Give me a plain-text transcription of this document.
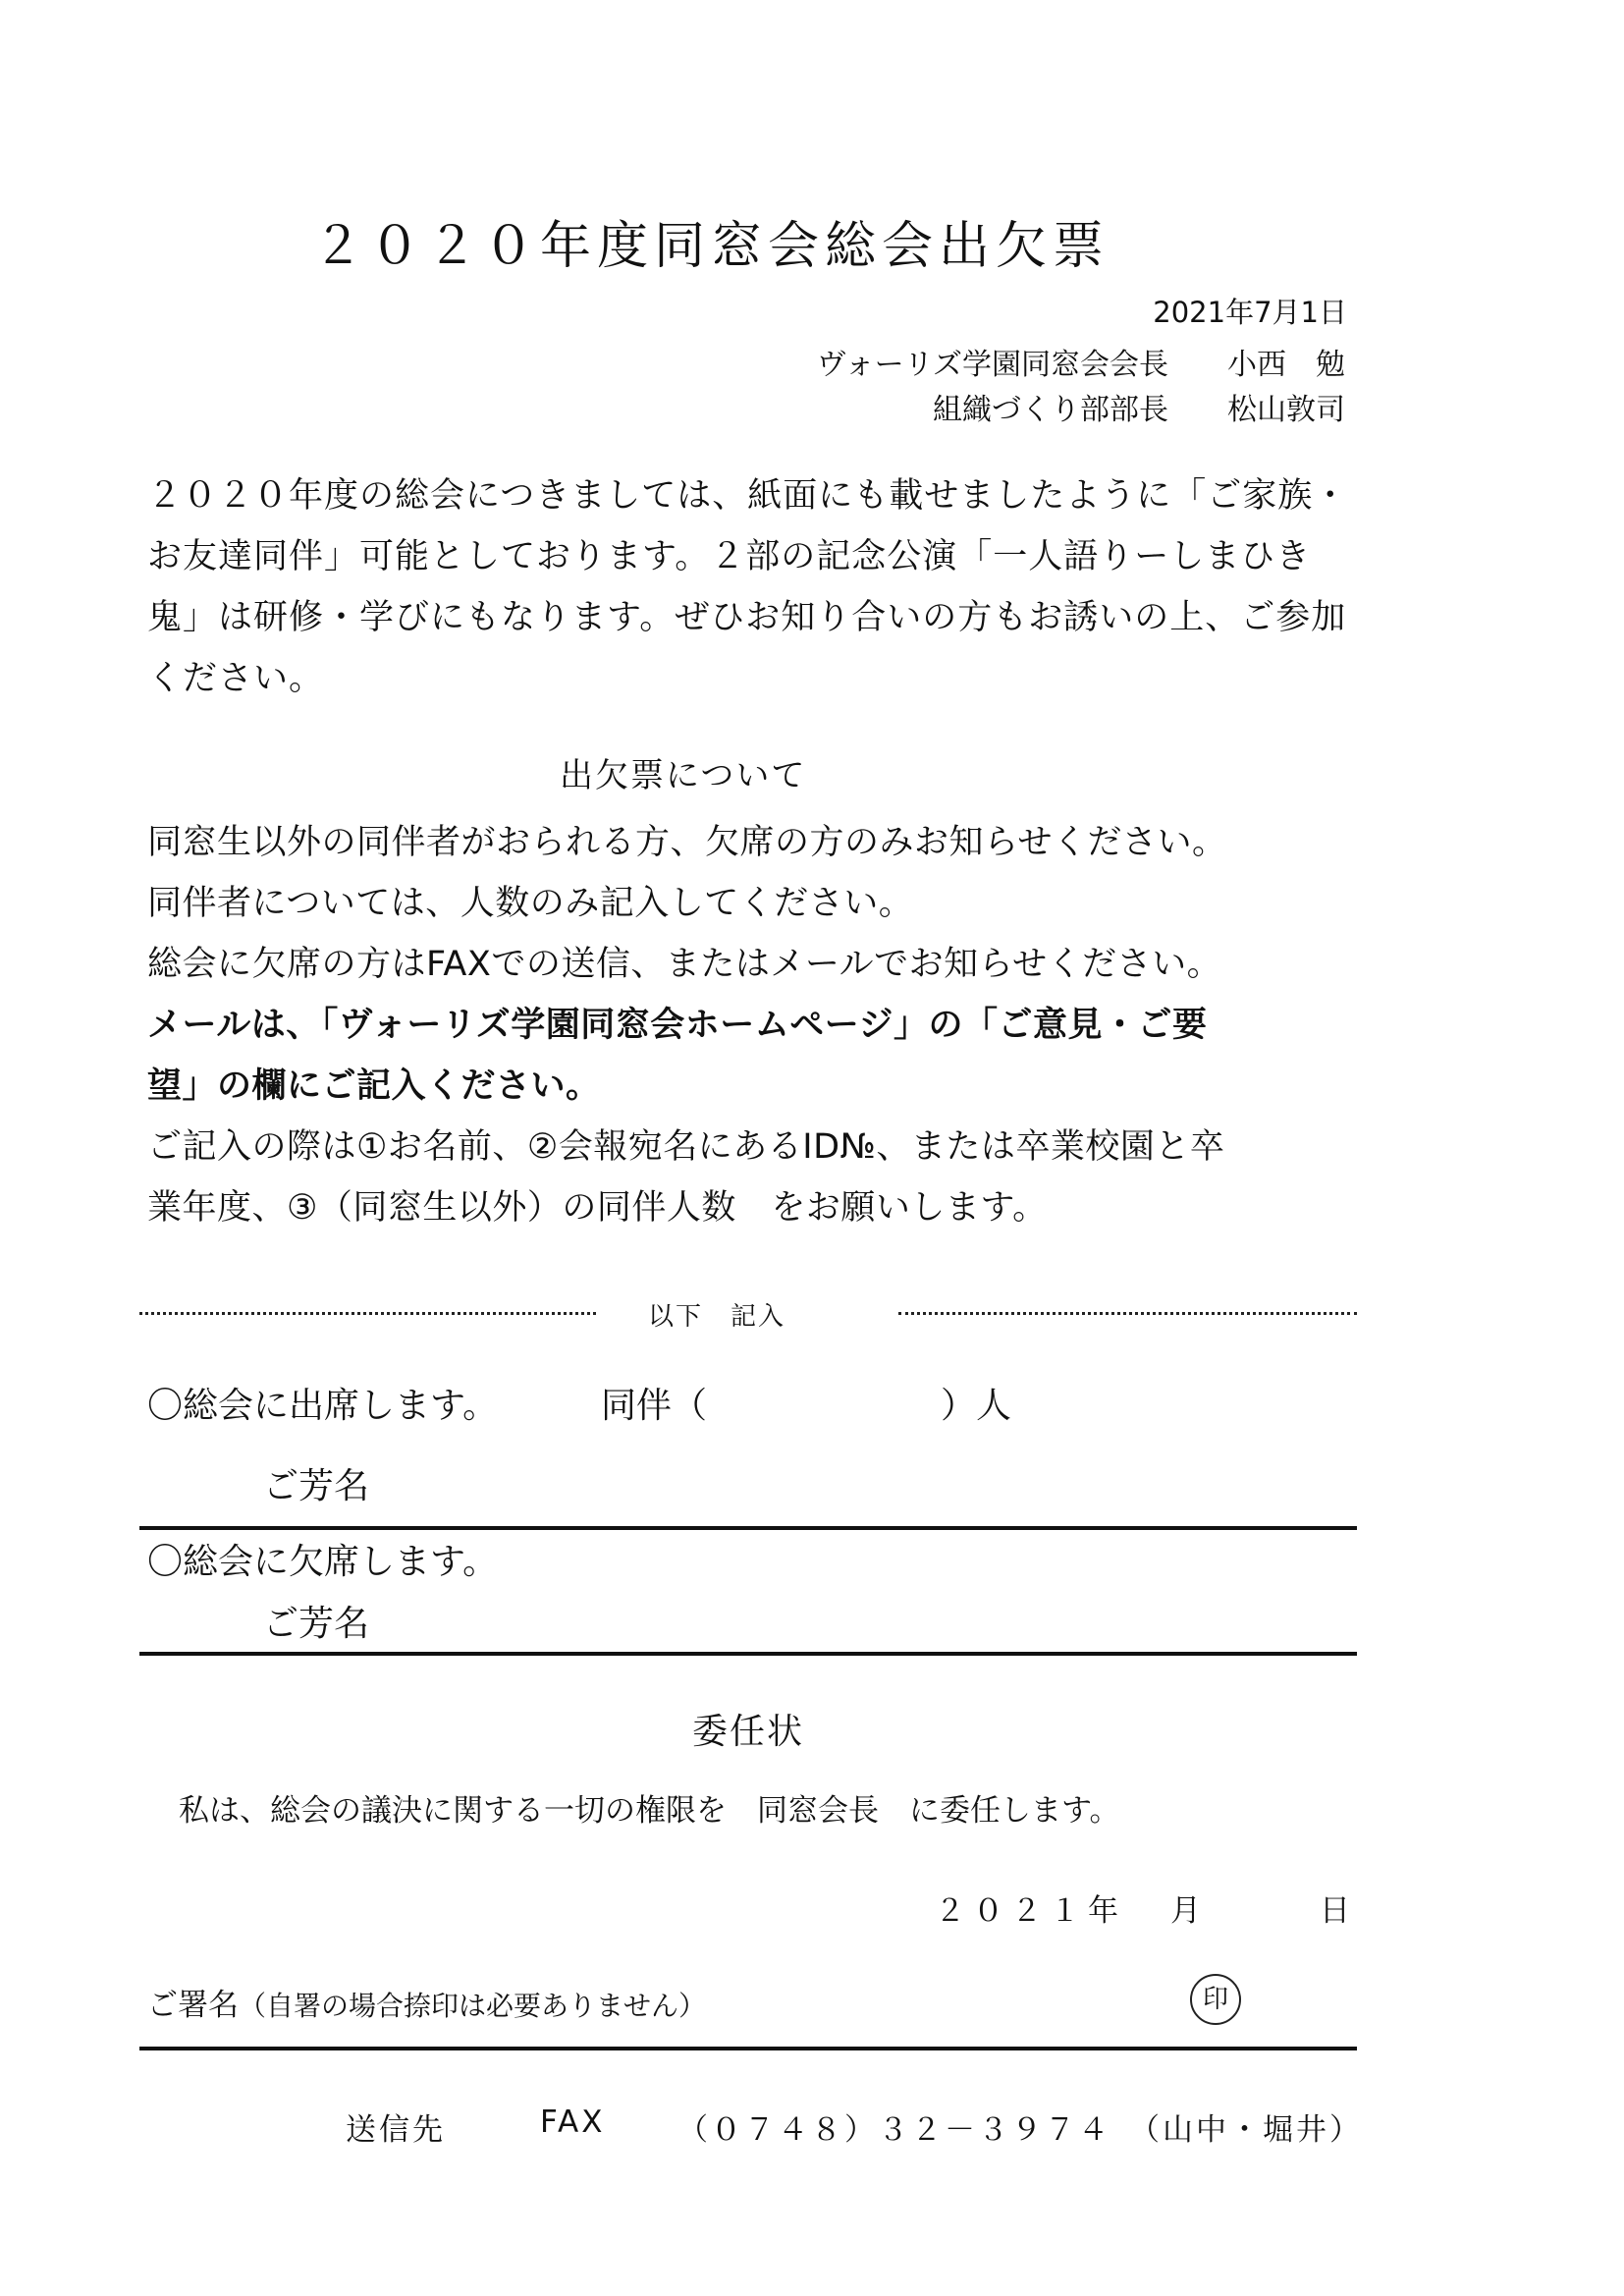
２０２０年度同窓会総会出欠票
2021年7月1日
ヴォーリズ学園同窓会会長 小西　勉
組織づくり部部長 松山敦司
２０２０年度の総会につきましては、紙面にも載せましたように「ご家族・
お友達同伴」可能としております。２部の記念公演「一人語りーしまひき
鬼」は研修・学びにもなります。ぜひお知り合いの方もお誘いの上、ご参加
ください。
出欠票について
同窓生以外の同伴者がおられる方、欠席の方のみお知らせください。
同伴者については、人数のみ記入してください。
総会に欠席の方はFAXでの送信、またはメールでお知らせください。
メールは、「ヴォーリズ学園同窓会ホームページ」の「ご意見・ご要
望」の欄にご記入ください。
ご記入の際は①お名前、②会報宛名にあるID№、または卒業校園と卒
業年度、③（同窓生以外）の同伴人数　をお願いします。
以下　記入
〇総会に出席します。	同伴（	）人
ご芳名
〇総会に欠席します。
ご芳名
委任状
私は、総会の議決に関する一切の権限を　同窓会長　に委任します。
２０２１年 月	日
ご署名（自署の場合捺印は必要ありません）	印
送信先	FAX （０７４８）３２－３９７４ （山中・堀井）
